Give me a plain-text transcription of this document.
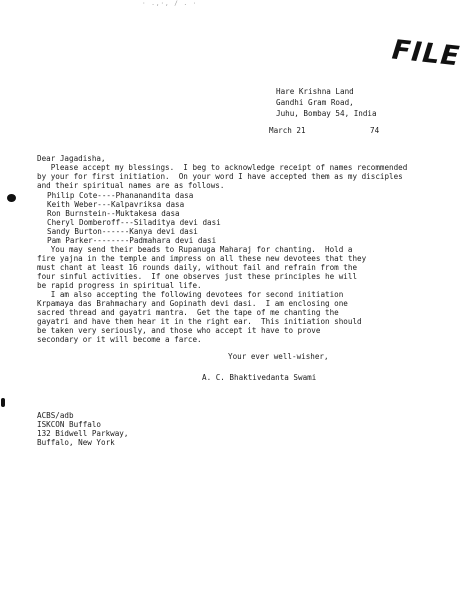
· .,·, / . ·
FILE
Hare Krishna Land
Gandhi Gram Road,
Juhu, Bombay 54, India
March 21	74
Dear Jagadisha,
Please accept my blessings.  I beg to acknowledge receipt of names recommended
by your for first initiation.  On your word I have accepted them as my disciples
and their spiritual names are as follows.
Philip Cote----Phananandita dasa
Keith Weber---Kalpavriksa dasa
Ron Burnstein--Muktakesa dasa
Cheryl Domberoff---Siladitya devi dasi
Sandy Burton------Kanya devi dasi
Pam Parker--------Padmahara devi dasi
You may send their beads to Rupanuga Maharaj for chanting.  Hold a
fire yajna in the temple and impress on all these new devotees that they
must chant at least 16 rounds daily, without fail and refrain from the
four sinful activities.  If one observes just these principles he will
be rapid progress in spiritual life.
I am also accepting the following devotees for second initiation
Krpamaya das Brahmachary and Gopinath devi dasi.  I am enclosing one
sacred thread and gayatri mantra.  Get the tape of me chanting the
gayatri and have them hear it in the right ear.  This initiation should
be taken very seriously, and those who accept it have to prove
secondary or it will become a farce.
Your ever well-wisher,
A. C. Bhaktivedanta Swami
ACBS/adb
ISKCON Buffalo
132 Bidwell Parkway,
Buffalo, New York
